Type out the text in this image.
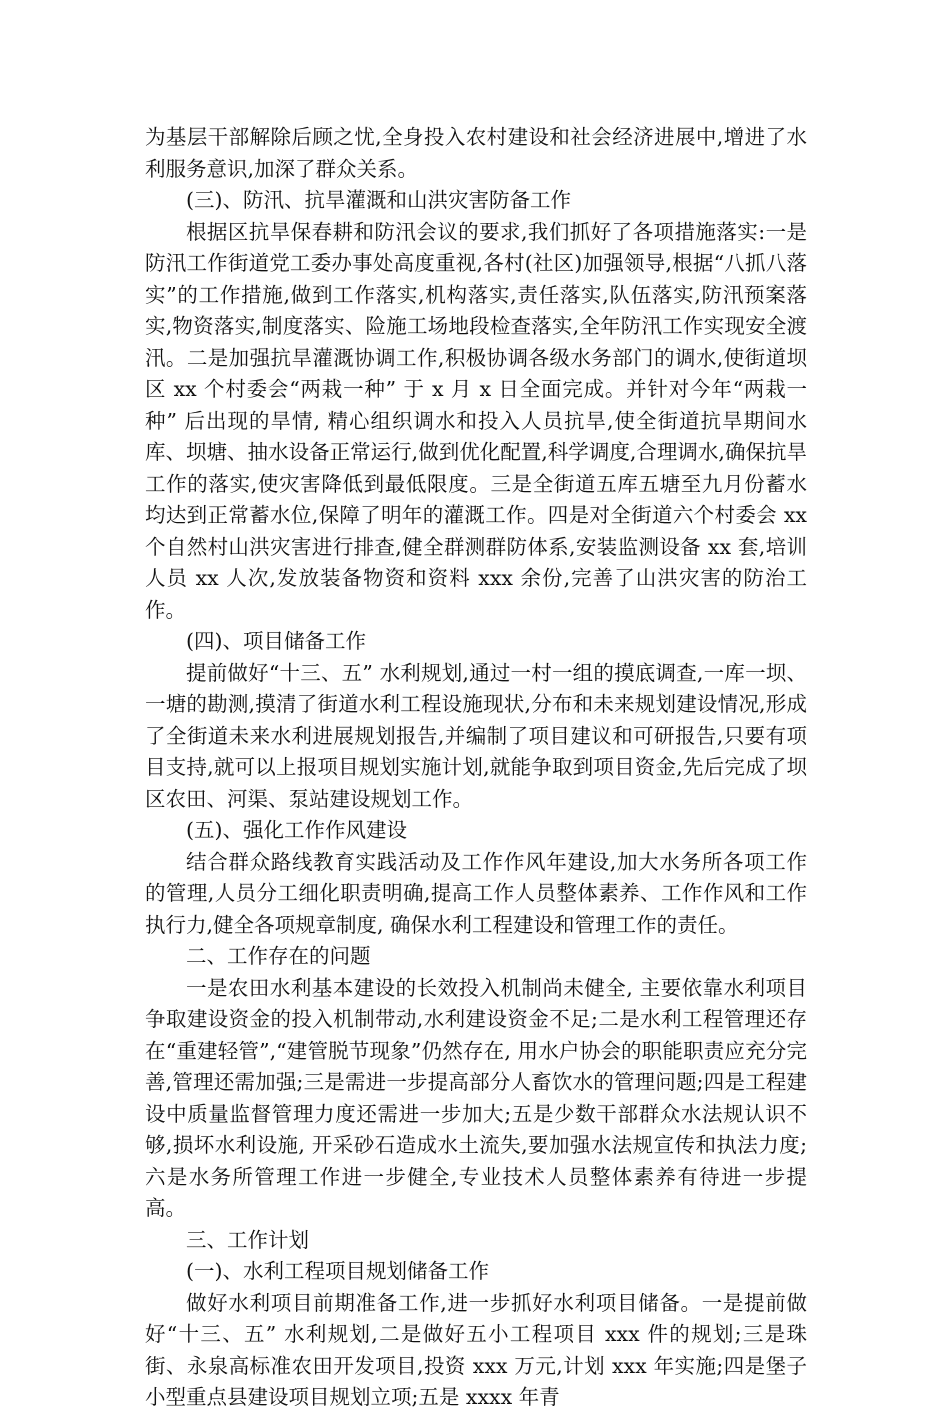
为基层干部解除后顾之忧,全身投入农村建设和社会经济进展中,增进了水利服务意识,加深了群众关系。

(三)、防汛、抗旱灌溉和山洪灾害防备工作

根据区抗旱保春耕和防汛会议的要求,我们抓好了各项措施落实:一是防汛工作街道党工委办事处高度重视,各村(社区)加强领导,根据“八抓八落实”的工作措施,做到工作落实,机构落实,责任落实,队伍落实,防汛预案落实,物资落实,制度落实、险施工场地段检查落实,全年防汛工作实现安全渡汛。二是加强抗旱灌溉协调工作,积极协调各级水务部门的调水,使街道坝区 xx 个村委会“两栽一种” 于 x 月 x 日全面完成。并针对今年“两栽一种” 后出现的旱情, 精心组织调水和投入人员抗旱,使全街道抗旱期间水库、坝塘、抽水设备正常运行,做到优化配置,科学调度,合理调水,确保抗旱工作的落实,使灾害降低到最低限度。三是全街道五库五塘至九月份蓄水均达到正常蓄水位,保障了明年的灌溉工作。四是对全街道六个村委会 xx 个自然村山洪灾害进行排查,健全群测群防体系,安装监测设备 xx 套,培训人员 xx 人次,发放装备物资和资料 xxx 余份,完善了山洪灾害的防治工作。

(四)、项目储备工作

提前做好“十三、五” 水利规划,通过一村一组的摸底调查,一库一坝、一塘的勘测,摸清了街道水利工程设施现状,分布和未来规划建设情况,形成了全街道未来水利进展规划报告,并编制了项目建议和可研报告,只要有项目支持,就可以上报项目规划实施计划,就能争取到项目资金,先后完成了坝区农田、河渠、泵站建设规划工作。

(五)、强化工作作风建设

结合群众路线教育实践活动及工作作风年建设,加大水务所各项工作的管理,人员分工细化职责明确,提高工作人员整体素养、工作作风和工作执行力,健全各项规章制度, 确保水利工程建设和管理工作的责任。

二、工作存在的问题

一是农田水利基本建设的长效投入机制尚未健全, 主要依靠水利项目争取建设资金的投入机制带动,水利建设资金不足;二是水利工程管理还存在“重建轻管”,“建管脱节现象”仍然存在, 用水户协会的职能职责应充分完善,管理还需加强;三是需进一步提高部分人畜饮水的管理问题;四是工程建设中质量监督管理力度还需进一步加大;五是少数干部群众水法规认识不够,损坏水利设施, 开采砂石造成水土流失,要加强水法规宣传和执法力度;六是水务所管理工作进一步健全,专业技术人员整体素养有待进一步提高。

三、工作计划

(一)、水利工程项目规划储备工作

做好水利项目前期准备工作,进一步抓好水利项目储备。一是提前做好“十三、五” 水利规划,二是做好五小工程项目 xxx 件的规划;三是珠街、永泉高标准农田开发项目,投资 xxx 万元,计划 xxx 年实施;四是堡子小型重点县建设项目规划立项;五是 xxxx 年青
